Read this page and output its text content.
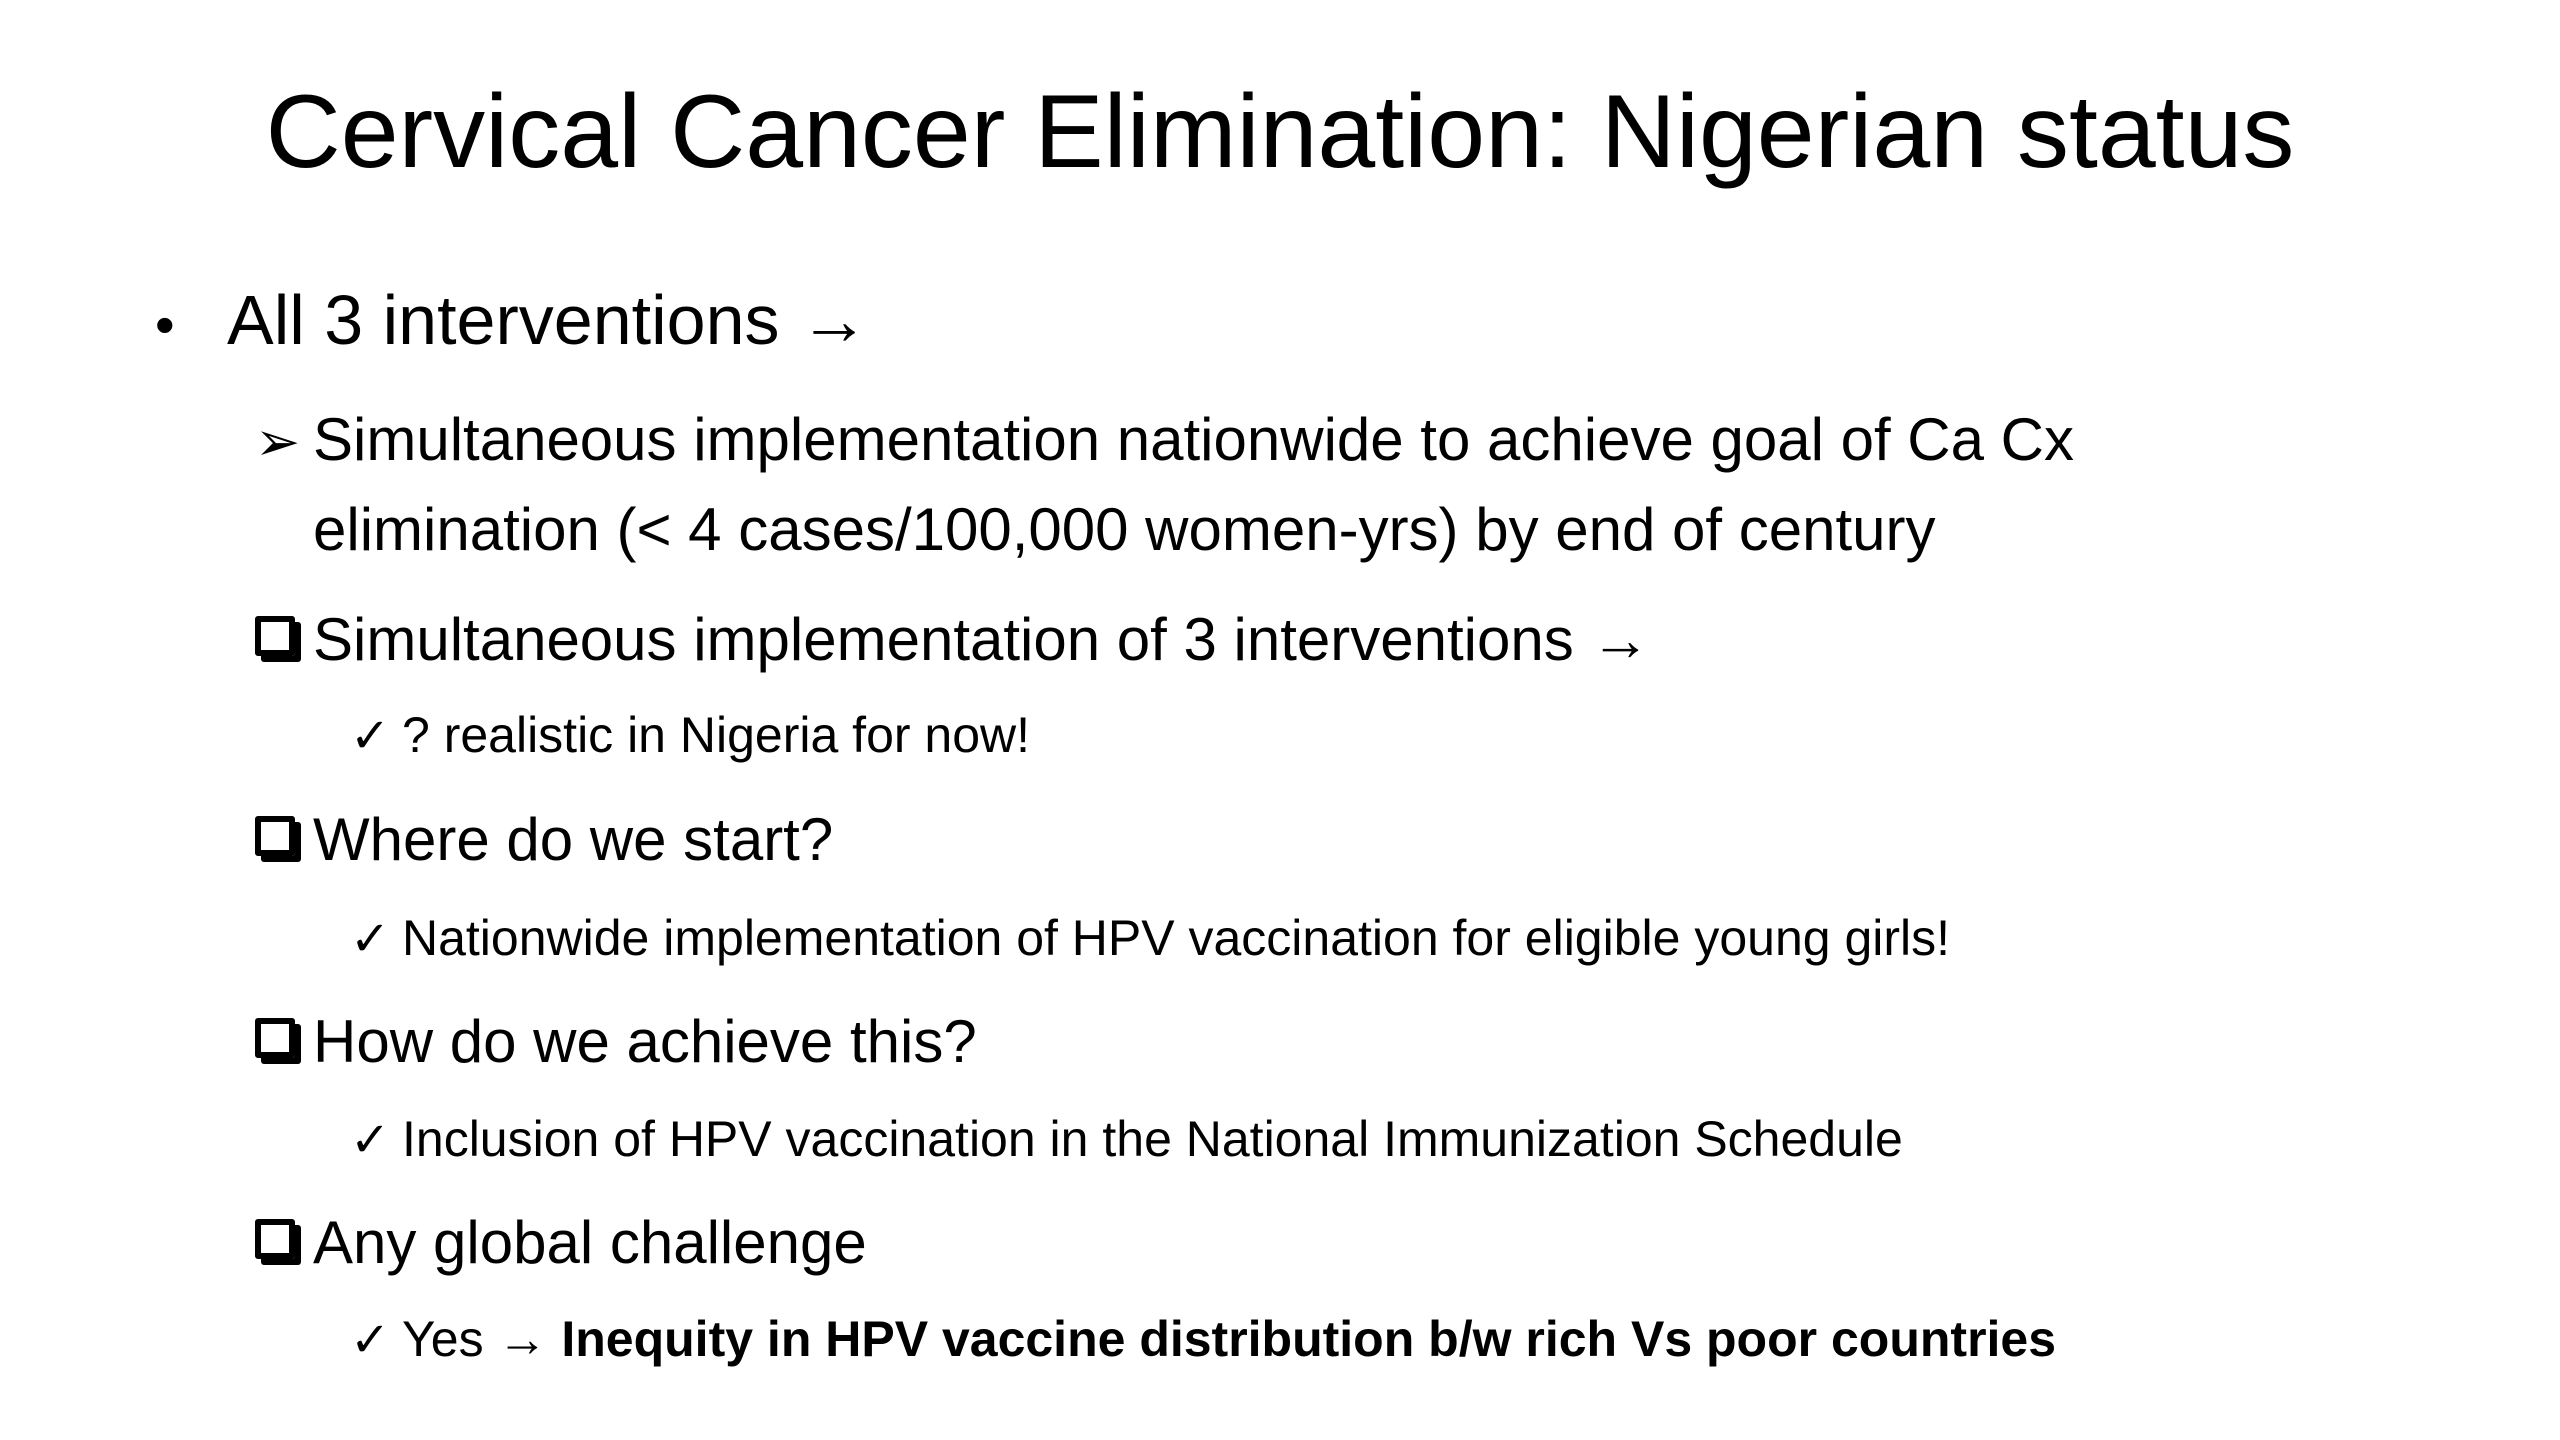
Cervical Cancer Elimination: Nigerian status
• All 3 interventions →
➢ Simultaneous implementation nationwide to achieve goal of Ca Cx
elimination (< 4 cases/100,000 women-yrs) by end of century
Simultaneous implementation of 3 interventions →
✓ ? realistic in Nigeria for now!
Where do we start?
✓ Nationwide implementation of HPV vaccination for eligible young girls!
How do we achieve this?
✓ Inclusion of HPV vaccination in the National Immunization Schedule
Any global challenge
✓ Yes → Inequity in HPV vaccine distribution b/w rich Vs poor countries
